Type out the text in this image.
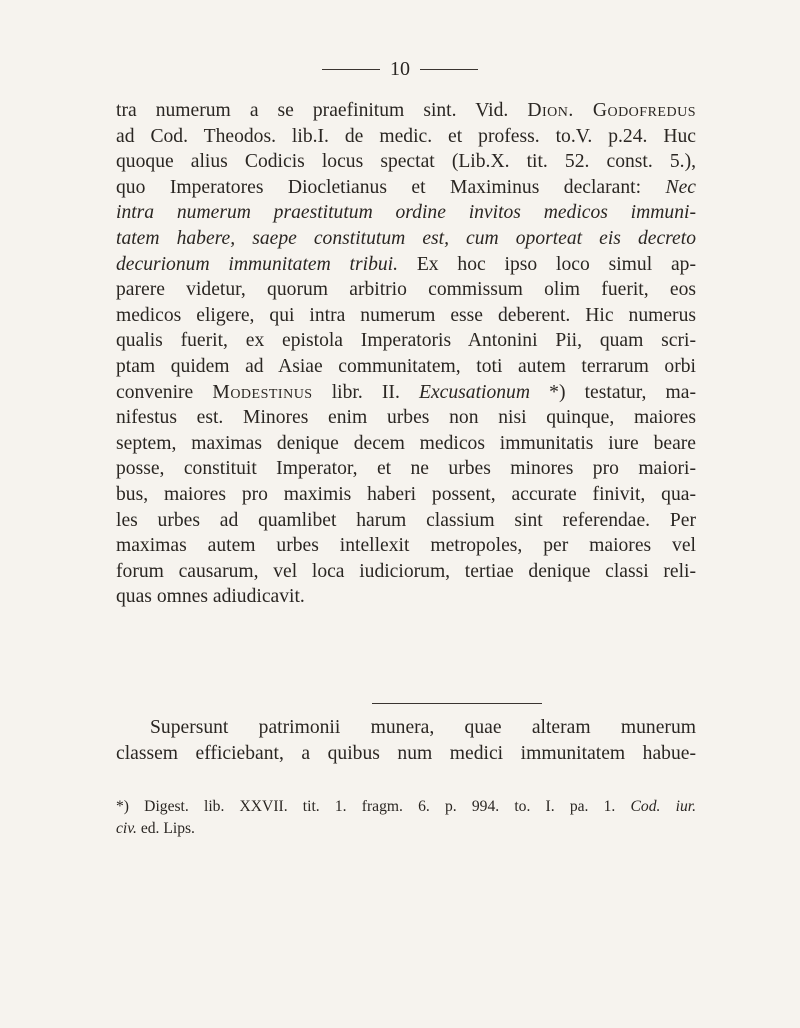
10
tra numerum a se praefinitum sint. Vid. Dion. Godofredus
ad Cod. Theodos. lib.I. de medic. et profess. to.V. p.24. Huc
quoque alius Codicis locus spectat (Lib.X. tit. 52. const. 5.),
quo Imperatores Diocletianus et Maximinus declarant: Nec
intra numerum praestitutum ordine invitos medicos immuni-
tatem habere, saepe constitutum est, cum oporteat eis decreto
decurionum immunitatem tribui. Ex hoc ipso loco simul ap-
parere videtur, quorum arbitrio commissum olim fuerit, eos
medicos eligere, qui intra numerum esse deberent. Hic numerus
qualis fuerit, ex epistola Imperatoris Antonini Pii, quam scri-
ptam quidem ad Asiae communitatem, toti autem terrarum orbi
convenire Modestinus libr. II. Excusationum *) testatur, ma-
nifestus est. Minores enim urbes non nisi quinque, maiores
septem, maximas denique decem medicos immunitatis iure beare
posse, constituit Imperator, et ne urbes minores pro maiori-
bus, maiores pro maximis haberi possent, accurate finivit, qua-
les urbes ad quamlibet harum classium sint referendae. Per
maximas autem urbes intellexit metropoles, per maiores vel
forum causarum, vel loca iudiciorum, tertiae denique classi reli-
quas omnes adiudicavit.
Supersunt patrimonii munera, quae alteram munerum
classem efficiebant, a quibus num medici immunitatem habue-
*) Digest. lib. XXVII. tit. 1. fragm. 6. p. 994. to. I. pa. 1. Cod. iur.
civ. ed. Lips.
